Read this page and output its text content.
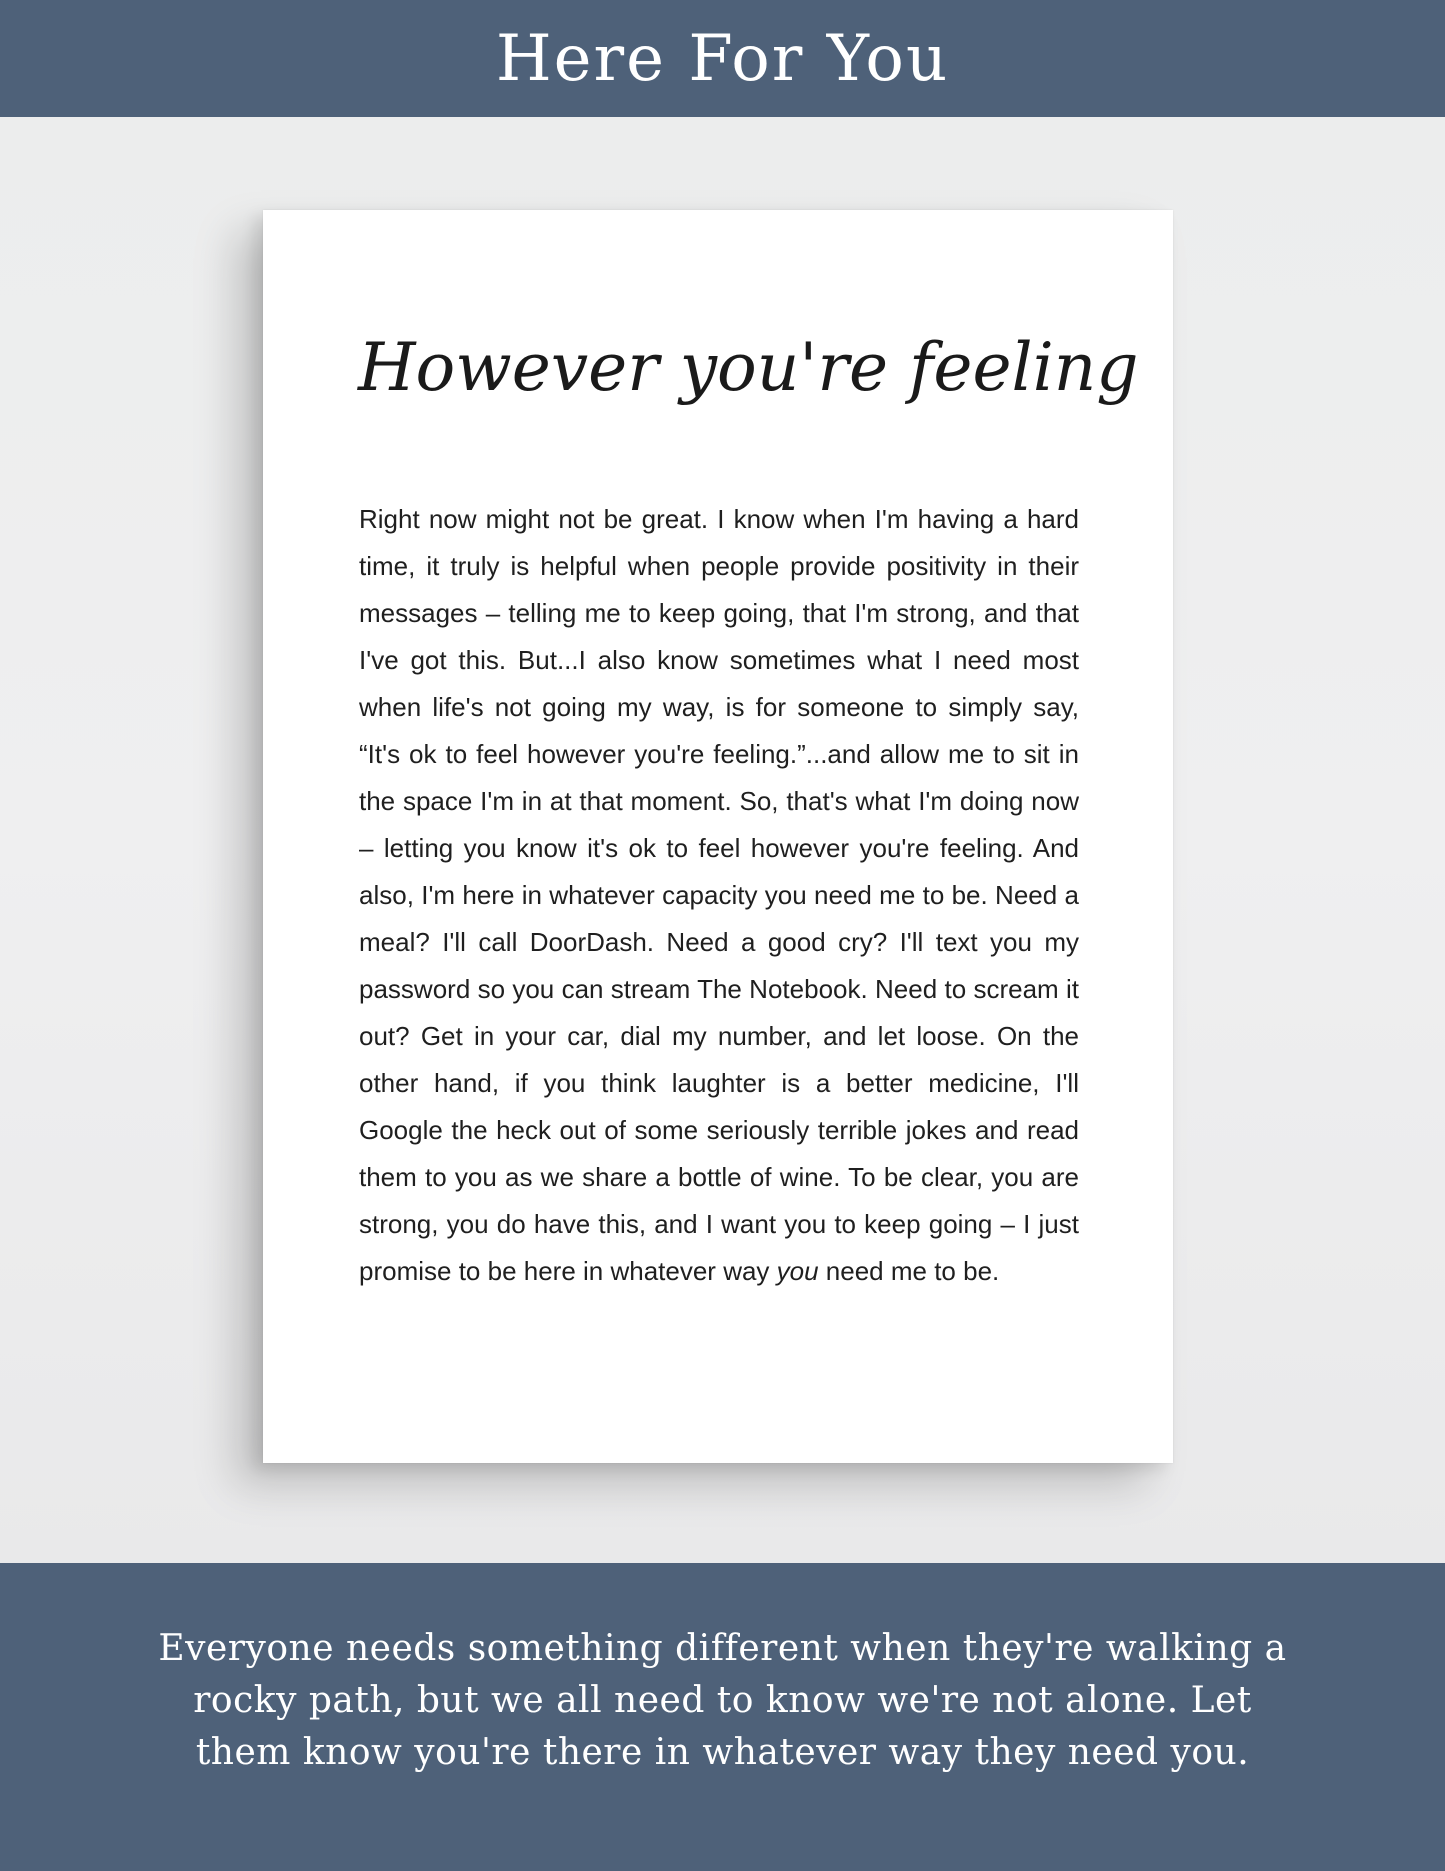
Here For You
However you're feeling
Right now might not be great. I know when I'm having a hard time, it truly is helpful when people provide positivity in their messages – telling me to keep going, that I'm strong, and that I've got this. But...I also know sometimes what I need most when life's not going my way, is for someone to simply say, “It's ok to feel however you're feeling.”...and allow me to sit in the space I'm in at that moment. So, that's what I'm doing now – letting you know it's ok to feel however you're feeling. And also, I'm here in whatever capacity you need me to be. Need a meal? I'll call DoorDash. Need a good cry? I'll text you my password so you can stream The Notebook. Need to scream it out? Get in your car, dial my number, and let loose. On the other hand, if you think laughter is a better medicine, I'll Google the heck out of some seriously terrible jokes and read them to you as we share a bottle of wine. To be clear, you are strong, you do have this, and I want you to keep going – I just promise to be here in whatever way you need me to be.
Everyone needs something different when they're walking a rocky path, but we all need to know we're not alone. Let them know you're there in whatever way they need you.
